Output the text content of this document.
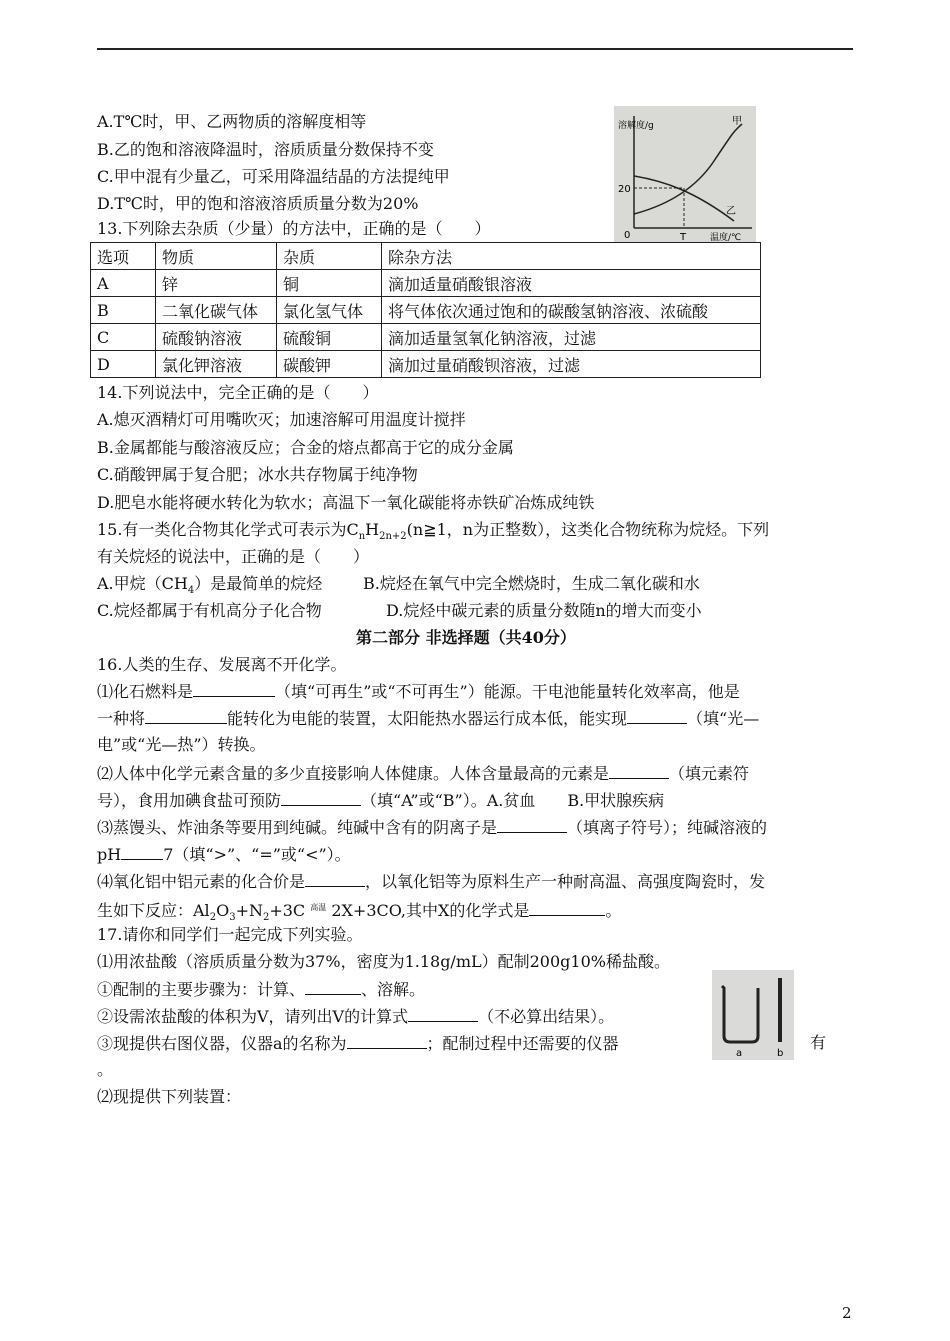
A.T℃时，甲、乙两物质的溶解度相等
B.乙的饱和溶液降温时，溶质质量分数保持不变
C.甲中混有少量乙，可采用降温结晶的方法提纯甲
D.T℃时，甲的饱和溶液溶质质量分数为20%
溶解度/g
20
0	T	温度/℃
甲
乙
13.下列除去杂质（少量）的方法中，正确的是（　　）
选项	物质	杂质	除杂方法
A	锌	铜	滴加适量硝酸银溶液
B	二氧化碳气体	氯化氢气体	将气体依次通过饱和的碳酸氢钠溶液、浓硫酸
C	硫酸钠溶液	硫酸铜	滴加适量氢氧化钠溶液，过滤
D	氯化钾溶液	碳酸钾	滴加过量硝酸钡溶液，过滤
14.下列说法中，完全正确的是（　　）
A.熄灭酒精灯可用嘴吹灭；加速溶解可用温度计搅拌
B.金属都能与酸溶液反应；合金的熔点都高于它的成分金属
C.硝酸钾属于复合肥；冰水共存物属于纯净物
D.肥皂水能将硬水转化为软水；高温下一氧化碳能将赤铁矿冶炼成纯铁
15.有一类化合物其化学式可表示为$C_nH_{2n+2}(n≧1$，n为正整数），这类化合物统称为烷烃。下列
有关烷烃的说法中，正确的是（　　）
A.甲烷$(CH_4)$是最简单的烷烃	B.烷烃在氧气中完全燃烧时，生成二氧化碳和水
C.烷烃都属于有机高分子化合物	D.烷烃中碳元素的质量分数随n的增大而变小
第二部分 非选择题（共40分）
16.人类的生存、发展离不开化学。
⑴化石燃料是	（填“可再生”或“不可再生”）能源。干电池能量转化效率高，他是
一种将	能转化为电能的装置，太阳能热水器运行成本低，能实现	（填“光—
电”或“光—热”）转换。
⑵人体中化学元素含量的多少直接影响人体健康。人体含量最高的元素是	（填元素符
号），食用加碘食盐可预防	（填“A”或“B”）。A.贫血　　B.甲状腺疾病
⑶蒸馒头、炸油条等要用到纯碱。纯碱中含有的阴离子是	（填离子符号）；纯碱溶液的
pH	7（填“>”、“=”或“<”）。
⑷氧化铝中铝元素的化合价是	，以氧化铝等为原料生产一种耐高温、高强度陶瓷时，发
生如下反应：$Al_2O_3+N_2+3C$ $^{高温}$ 2X+3CO,其中X的化学式是	。
17.请你和同学们一起完成下列实验。
⑴用浓盐酸（溶质质量分数为37%，密度为1.18g/mL）配制200g10%稀盐酸。
①配制的主要步骤为：计算、	、溶解。
②设需浓盐酸的体积为V，请列出V的计算式	（不必算出结果）。
③现提供右图仪器，仪器a的名称为	；配制过程中还需要的仪器	有
。
a	b
⑵现提供下列装置：
2
